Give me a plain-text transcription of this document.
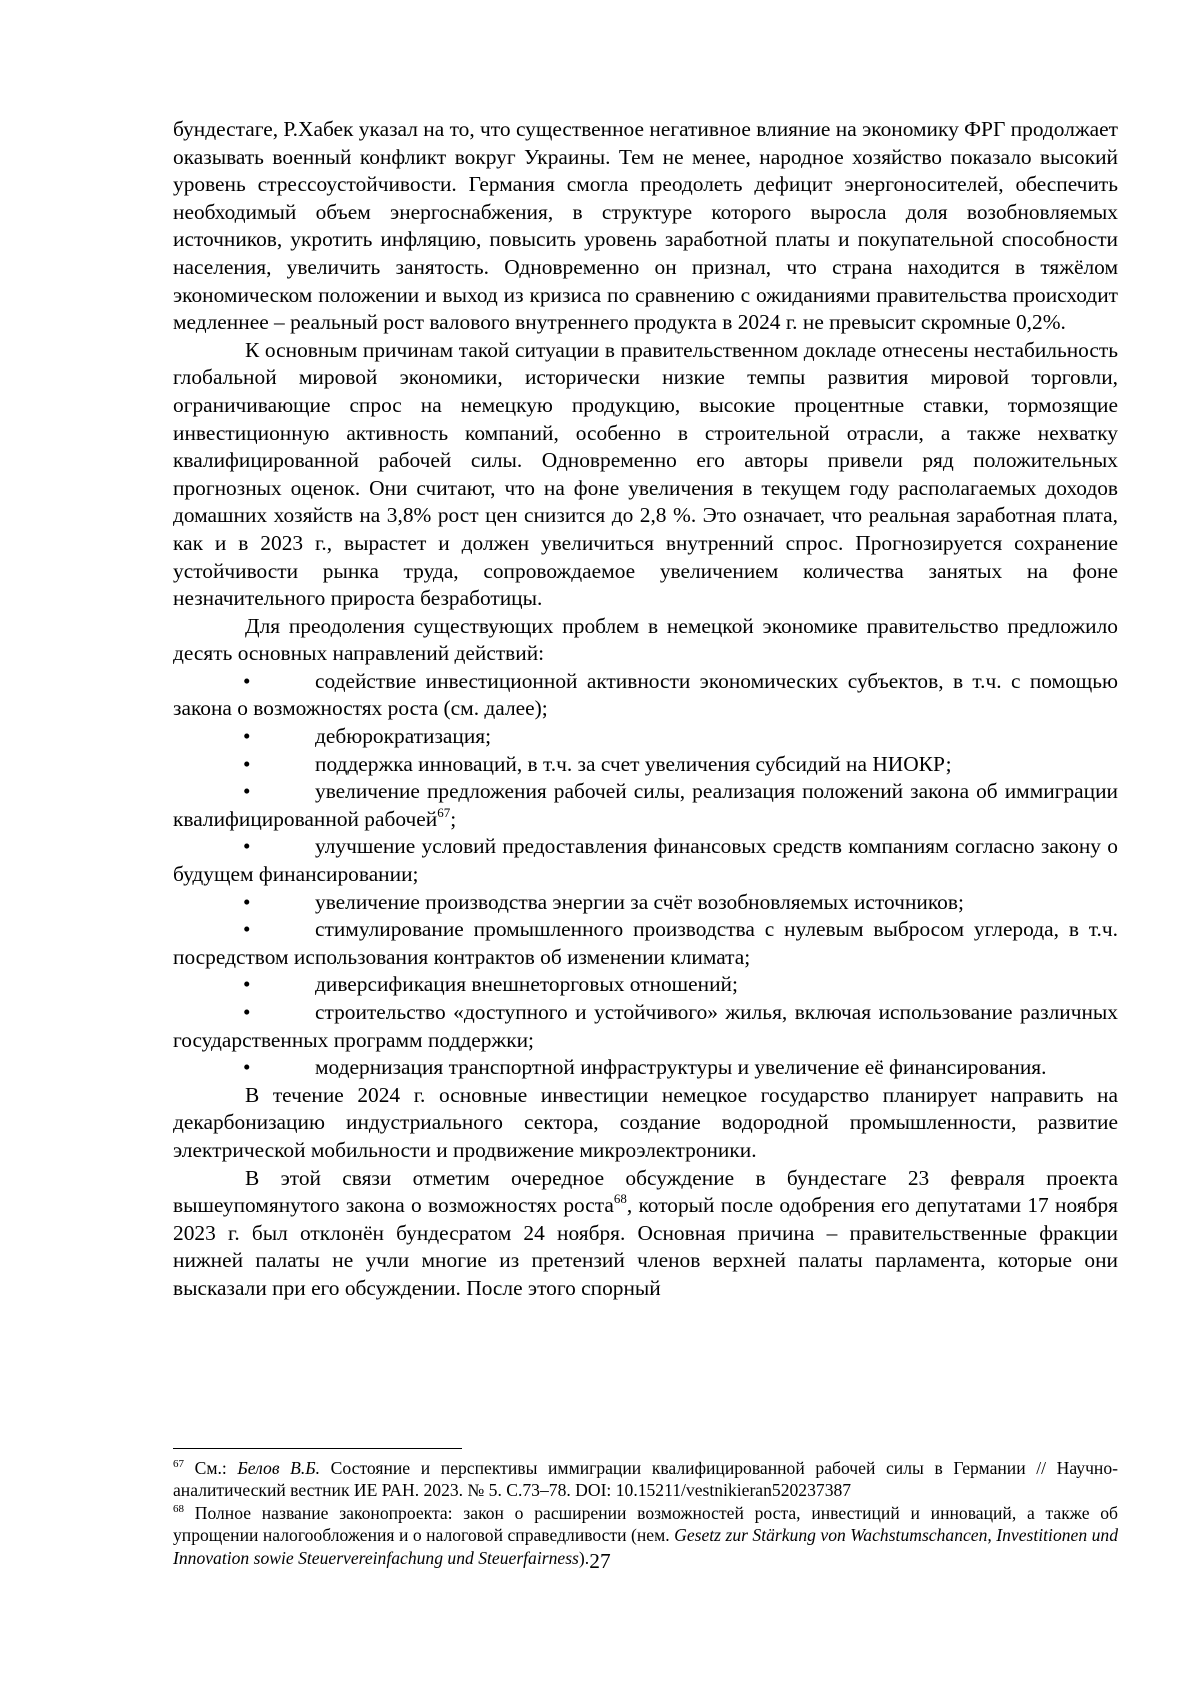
бундестаге, Р.Хабек указал на то, что существенное негативное влияние на экономику ФРГ продолжает оказывать военный конфликт вокруг Украины. Тем не менее, народное хозяйство показало высокий уровень стрессоустойчивости. Германия смогла преодолеть дефицит энергоносителей, обеспечить необходимый объем энергоснабжения, в структуре которого выросла доля возобновляемых источников, укротить инфляцию, повысить уровень заработной платы и покупательной способности населения, увеличить занятость. Одновременно он признал, что страна находится в тяжёлом экономическом положении и выход из кризиса по сравнению с ожиданиями правительства происходит медленнее – реальный рост валового внутреннего продукта в 2024 г. не превысит скромные 0,2%.

К основным причинам такой ситуации в правительственном докладе отнесены нестабильность глобальной мировой экономики, исторически низкие темпы развития мировой торговли, ограничивающие спрос на немецкую продукцию, высокие процентные ставки, тормозящие инвестиционную активность компаний, особенно в строительной отрасли, а также нехватку квалифицированной рабочей силы. Одновременно его авторы привели ряд положительных прогнозных оценок. Они считают, что на фоне увеличения в текущем году располагаемых доходов домашних хозяйств на 3,8% рост цен снизится до 2,8 %. Это означает, что реальная заработная плата, как и в 2023 г., вырастет и должен увеличиться внутренний спрос. Прогнозируется сохранение устойчивости рынка труда, сопровождаемое увеличением количества занятых на фоне незначительного прироста безработицы.

Для преодоления существующих проблем в немецкой экономике правительство предложило десять основных направлений действий:

•	содействие инвестиционной активности экономических субъектов, в т.ч. с помощью закона о возможностях роста (см. далее);
•	дебюрократизация;
•	поддержка инноваций, в т.ч. за счет увеличения субсидий на НИОКР;
•	увеличение предложения рабочей силы, реализация положений закона об иммиграции квалифицированной рабочей$^{67}$;
•	улучшение условий предоставления финансовых средств компаниям согласно закону о будущем финансировании;
•	увеличение производства энергии за счёт возобновляемых источников;
•	стимулирование промышленного производства с нулевым выбросом углерода, в т.ч. посредством использования контрактов об изменении климата;
•	диверсификация внешнеторговых отношений;
•	строительство «доступного и устойчивого» жилья, включая использование различных государственных программ поддержки;
•	модернизация транспортной инфраструктуры и увеличение её финансирования.

В течение 2024 г. основные инвестиции немецкое государство планирует направить на декарбонизацию индустриального сектора, создание водородной промышленности, развитие электрической мобильности и продвижение микроэлектроники.

В этой связи отметим очередное обсуждение в бундестаге 23 февраля проекта вышеупомянутого закона о возможностях роста$^{68}$, который после одобрения его депутатами 17 ноября 2023 г. был отклонён бундесратом 24 ноября. Основная причина – правительственные фракции нижней палаты не учли многие из претензий членов верхней палаты парламента, которые они высказали при его обсуждении. После этого спорный

$^{67}$ См.: Белов В.Б. Состояние и перспективы иммиграции квалифицированной рабочей силы в Германии // Научно-аналитический вестник ИЕ РАН. 2023. № 5. С.73–78. DOI: 10.15211/vestnikieran520237387

$^{68}$ Полное название законопроекта: закон о расширении возможностей роста, инвестиций и инноваций, а также об упрощении налогообложения и о налоговой справедливости (нем. Gesetz zur Stärkung von Wachstumschancen, Investitionen und Innovation sowie Steuervereinfachung und Steuerfairness). 27
